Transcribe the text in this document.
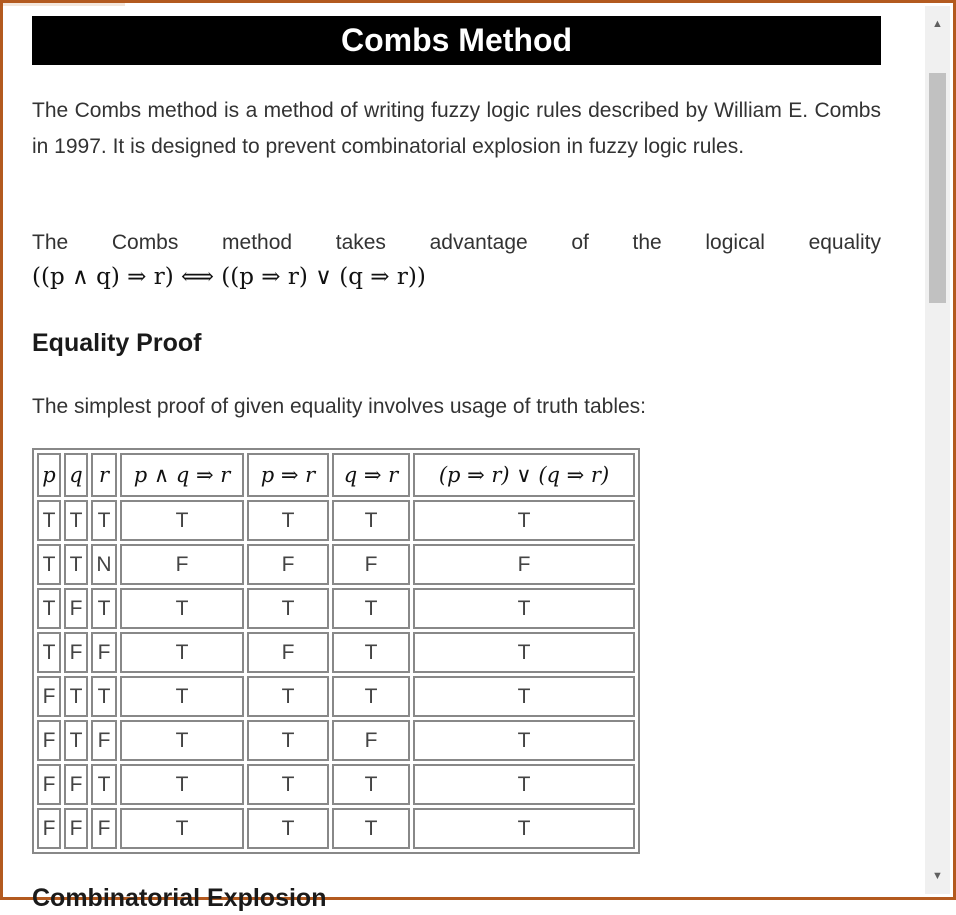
Combs Method
The Combs method is a method of writing fuzzy logic rules described by William E. Combs in 1997. It is designed to prevent combinatorial explosion in fuzzy logic rules.
The Combs method takes advantage of the logical equality
((p ∧ q) ⇒ r) ⟺ ((p ⇒ r) ∨ (q ⇒ r))
Equality Proof
The simplest proof of given equality involves usage of truth tables:
p	q	r	p ∧ q ⇒ r	p ⇒ r	q ⇒ r	(p ⇒ r) ∨ (q ⇒ r)
T	T	T	T	T	T	T
T	T	N	F	F	F	F
T	F	T	T	T	T	T
T	F	F	T	F	T	T
F	T	T	T	T	T	T
F	T	F	T	T	F	T
F	F	T	T	T	T	T
F	F	F	T	T	T	T
Combinatorial Explosion
▲
▼
